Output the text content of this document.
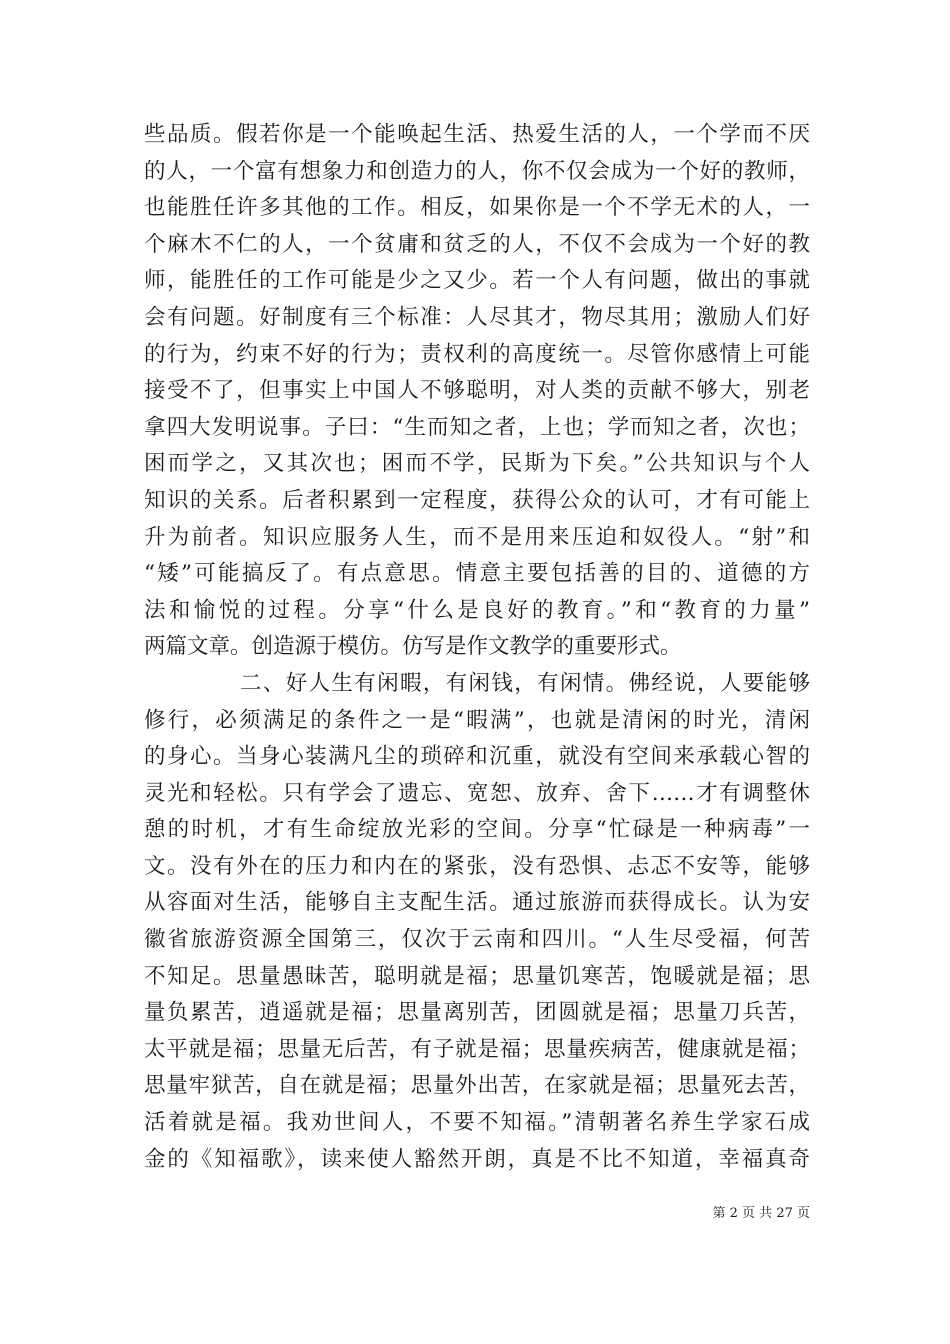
些品质。假若你是一个能唤起生活、热爱生活的人，一个学而不厌
的人，一个富有想象力和创造力的人，你不仅会成为一个好的教师，
也能胜任许多其他的工作。相反，如果你是一个不学无术的人，一
个麻木不仁的人，一个贫庸和贫乏的人，不仅不会成为一个好的教
师，能胜任的工作可能是少之又少。若一个人有问题，做出的事就
会有问题。好制度有三个标准：人尽其才，物尽其用；激励人们好
的行为，约束不好的行为；责权利的高度统一。尽管你感情上可能
接受不了，但事实上中国人不够聪明，对人类的贡献不够大，别老
拿四大发明说事。子曰：“生而知之者，上也；学而知之者，次也；
困而学之，又其次也；困而不学，民斯为下矣。”公共知识与个人
知识的关系。后者积累到一定程度，获得公众的认可，才有可能上
升为前者。知识应服务人生，而不是用来压迫和奴役人。“射”和
“矮”可能搞反了。有点意思。情意主要包括善的目的、道德的方
法和愉悦的过程。分享“什么是良好的教育。”和“教育的力量”
两篇文章。创造源于模仿。仿写是作文教学的重要形式。
二、好人生有闲暇，有闲钱，有闲情。佛经说，人要能够
修行，必须满足的条件之一是“暇满”，也就是清闲的时光，清闲
的身心。当身心装满凡尘的琐碎和沉重，就没有空间来承载心智的
灵光和轻松。只有学会了遗忘、宽恕、放弃、舍下……才有调整休
憩的时机，才有生命绽放光彩的空间。分享“忙碌是一种病毒”一
文。没有外在的压力和内在的紧张，没有恐惧、忐忑不安等，能够
从容面对生活，能够自主支配生活。通过旅游而获得成长。认为安
徽省旅游资源全国第三，仅次于云南和四川。“人生尽受福，何苦
不知足。思量愚昧苦，聪明就是福；思量饥寒苦，饱暖就是福；思
量负累苦，逍遥就是福；思量离别苦，团圆就是福；思量刀兵苦，
太平就是福；思量无后苦，有子就是福；思量疾病苦，健康就是福；
思量牢狱苦，自在就是福；思量外出苦，在家就是福；思量死去苦，
活着就是福。我劝世间人，不要不知福。”清朝著名养生学家石成
金的《知福歌》，读来使人豁然开朗，真是不比不知道，幸福真奇
第 2 页 共 27 页
